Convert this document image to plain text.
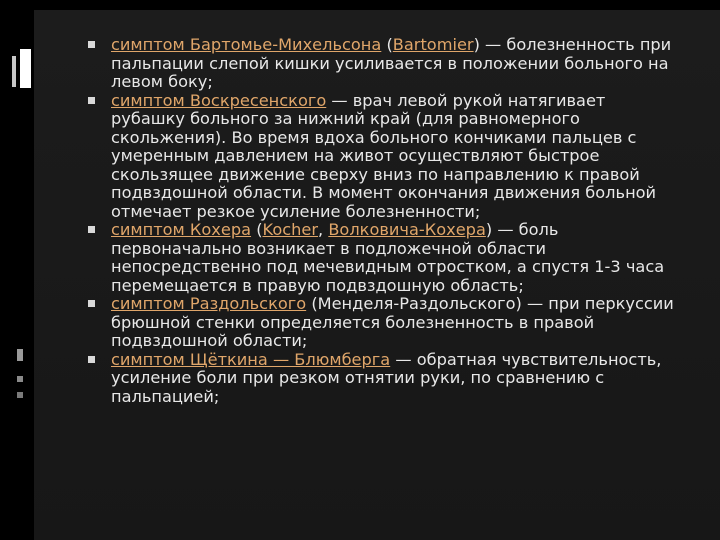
симптом Бартомье-Михельсона (Bartomier) — болезненность при пальпации слепой кишки усиливается в положении больного на левом боку;
симптом Воскресенского — врач левой рукой натягивает рубашку больного за нижний край (для равномерного скольжения). Во время вдоха больного кончиками пальцев с умеренным давлением на живот осуществляют быстрое скользящее движение сверху вниз по направлению к правой подвздошной области. В момент окончания движения больной отмечает резкое усиление болезненности;
симптом Кохера (Kocher, Волковича-Кохера) — боль первоначально возникает в подложечной области непосредственно под мечевидным отростком, а спустя 1-3 часа перемещается в правую подвздошную область;
симптом Раздольского (Менделя-Раздольского) — при перкуссии брюшной стенки определяется болезненность в правой подвздошной области;
симптом Щёткина — Блюмберга — обратная чувствительность, усиление боли при резком отнятии руки, по сравнению с пальпацией;
